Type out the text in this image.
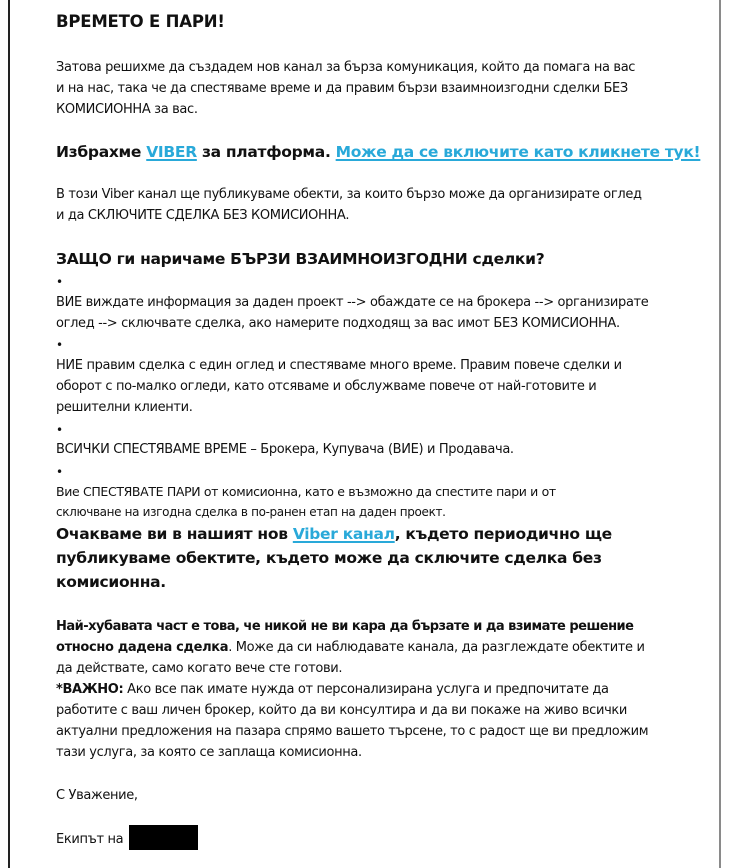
ВРЕМЕТО Е ПАРИ!
Затова решихме да създадем нов канал за бърза комуникация, който да помага на вас
и на нас, така че да спестяваме време и да правим бързи взаимноизгодни сделки БЕЗ
КОМИСИОННА за вас.
Избрахме VIBER за платформа. Може да се включите като кликнете тук!
В този Viber канал ще публикуваме обекти, за които бързо може да организирате оглед
и да СКЛЮЧИТЕ СДЕЛКА БЕЗ КОМИСИОННА.
ЗАЩО ги наричаме БЪРЗИ ВЗАИМНОИЗГОДНИ сделки?
•
ВИЕ виждате информация за даден проект --> обаждате се на брокера --> организирате
оглед --> сключвате сделка, ако намерите подходящ за вас имот БЕЗ КОМИСИОННА.
•
НИЕ правим сделка с един оглед и спестяваме много време. Правим повече сделки и
оборот с по-малко огледи, като отсяваме и обслужваме повече от най-готовите и
решителни клиенти.
•
ВСИЧКИ СПЕСТЯВАМЕ ВРЕМЕ – Брокера, Купувача (ВИЕ) и Продавача.
•
Вие СПЕСТЯВАТЕ ПАРИ от комисионна, като е възможно да спестите пари и от
сключване на изгодна сделка в по-ранен етап на даден проект.
Очакваме ви в нашият нов Viber канал, където периодично ще
публикуваме обектите, където може да сключите сделка без
комисионна.
Най-хубавата част е това, че никой не ви кара да бързате и да взимате решение
относно дадена сделка. Може да си наблюдавате канала, да разглеждате обектите и
да действате, само когато вече сте готови.
*ВАЖНО: Ако все пак имате нужда от персонализирана услуга и предпочитате да
работите с ваш личен брокер, който да ви консултира и да ви покаже на живо всички
актуални предложения на пазара спрямо вашето търсене, то с радост ще ви предложим
тази услуга, за която се заплаща комисионна.
С Уважение,
Екипът на
